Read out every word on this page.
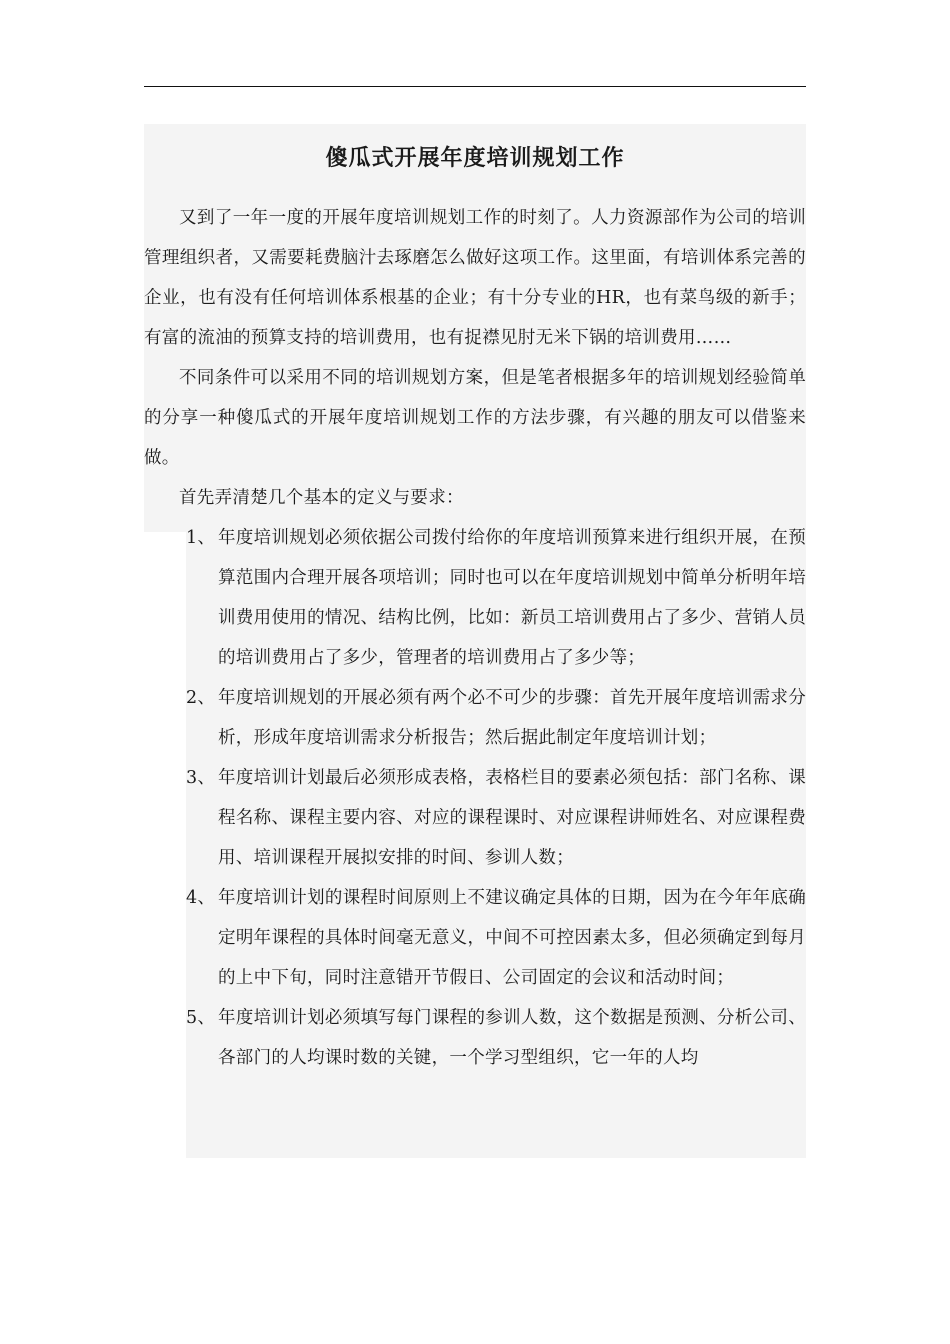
傻瓜式开展年度培训规划工作

又到了一年一度的开展年度培训规划工作的时刻了。人力资源部作为公司的培训管理组织者，又需要耗费脑汁去琢磨怎么做好这项工作。这里面，有培训体系完善的企业，也有没有任何培训体系根基的企业；有十分专业的HR，也有菜鸟级的新手；有富的流油的预算支持的培训费用，也有捉襟见肘无米下锅的培训费用……

不同条件可以采用不同的培训规划方案，但是笔者根据多年的培训规划经验简单的分享一种傻瓜式的开展年度培训规划工作的方法步骤，有兴趣的朋友可以借鉴来做。

首先弄清楚几个基本的定义与要求：

1、 年度培训规划必须依据公司拨付给你的年度培训预算来进行组织开展，在预算范围内合理开展各项培训；同时也可以在年度培训规划中简单分析明年培训费用使用的情况、结构比例，比如：新员工培训费用占了多少、营销人员的培训费用占了多少，管理者的培训费用占了多少等；
2、 年度培训规划的开展必须有两个必不可少的步骤：首先开展年度培训需求分析，形成年度培训需求分析报告；然后据此制定年度培训计划；
3、 年度培训计划最后必须形成表格，表格栏目的要素必须包括：部门名称、课程名称、课程主要内容、对应的课程课时、对应课程讲师姓名、对应课程费用、培训课程开展拟安排的时间、参训人数；
4、 年度培训计划的课程时间原则上不建议确定具体的日期，因为在今年年底确定明年课程的具体时间毫无意义，中间不可控因素太多，但必须确定到每月的上中下旬，同时注意错开节假日、公司固定的会议和活动时间；
5、 年度培训计划必须填写每门课程的参训人数，这个数据是预测、分析公司、各部门的人均课时数的关键，一个学习型组织，它一年的人均
